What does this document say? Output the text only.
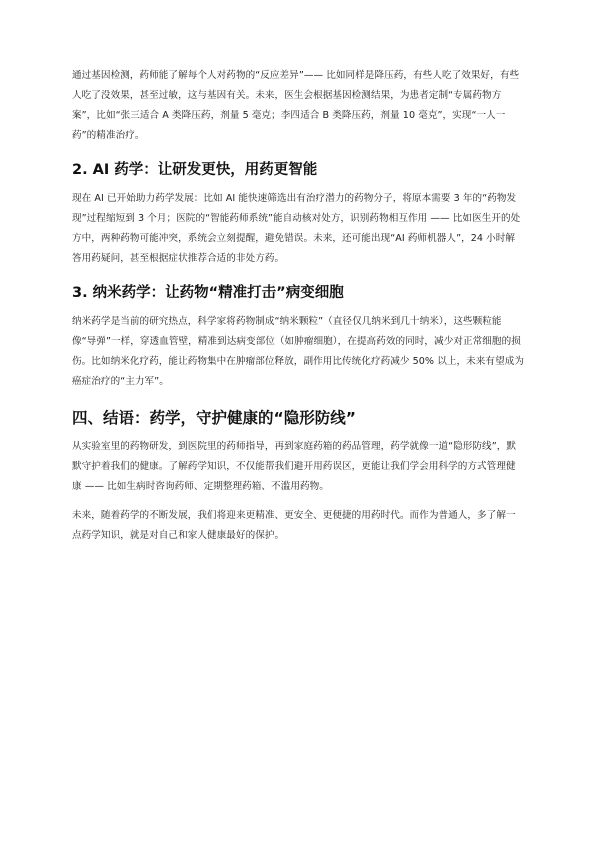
通过基因检测，药师能了解每个人对药物的“反应差异”—— 比如同样是降压药，有些人吃了效果好，有些人吃了没效果，甚至过敏，这与基因有关。未来，医生会根据基因检测结果，为患者定制“专属药物方案”，比如“张三适合 A 类降压药，剂量 5 毫克；李四适合 B 类降压药，剂量 10 毫克”，实现“一人一药”的精准治疗。

2. AI 药学：让研发更快，用药更智能

现在 AI 已开始助力药学发展：比如 AI 能快速筛选出有治疗潜力的药物分子，将原本需要 3 年的“药物发现”过程缩短到 3 个月；医院的“智能药师系统”能自动核对处方，识别药物相互作用 —— 比如医生开的处方中，两种药物可能冲突，系统会立刻提醒，避免错误。未来，还可能出现“AI 药师机器人”，24 小时解答用药疑问，甚至根据症状推荐合适的非处方药。

3. 纳米药学：让药物“精准打击”病变细胞

纳米药学是当前的研究热点，科学家将药物制成“纳米颗粒”（直径仅几纳米到几十纳米），这些颗粒能像“导弹”一样，穿透血管壁，精准到达病变部位（如肿瘤细胞），在提高药效的同时，减少对正常细胞的损伤。比如纳米化疗药，能让药物集中在肿瘤部位释放，副作用比传统化疗药减少 50% 以上，未来有望成为癌症治疗的“主力军”。

四、结语：药学，守护健康的“隐形防线”

从实验室里的药物研发，到医院里的药师指导，再到家庭药箱的药品管理，药学就像一道“隐形防线”，默默守护着我们的健康。了解药学知识，不仅能帮我们避开用药误区，更能让我们学会用科学的方式管理健康 —— 比如生病时咨询药师、定期整理药箱、不滥用药物。

未来，随着药学的不断发展，我们将迎来更精准、更安全、更便捷的用药时代。而作为普通人，多了解一点药学知识，就是对自己和家人健康最好的保护。
